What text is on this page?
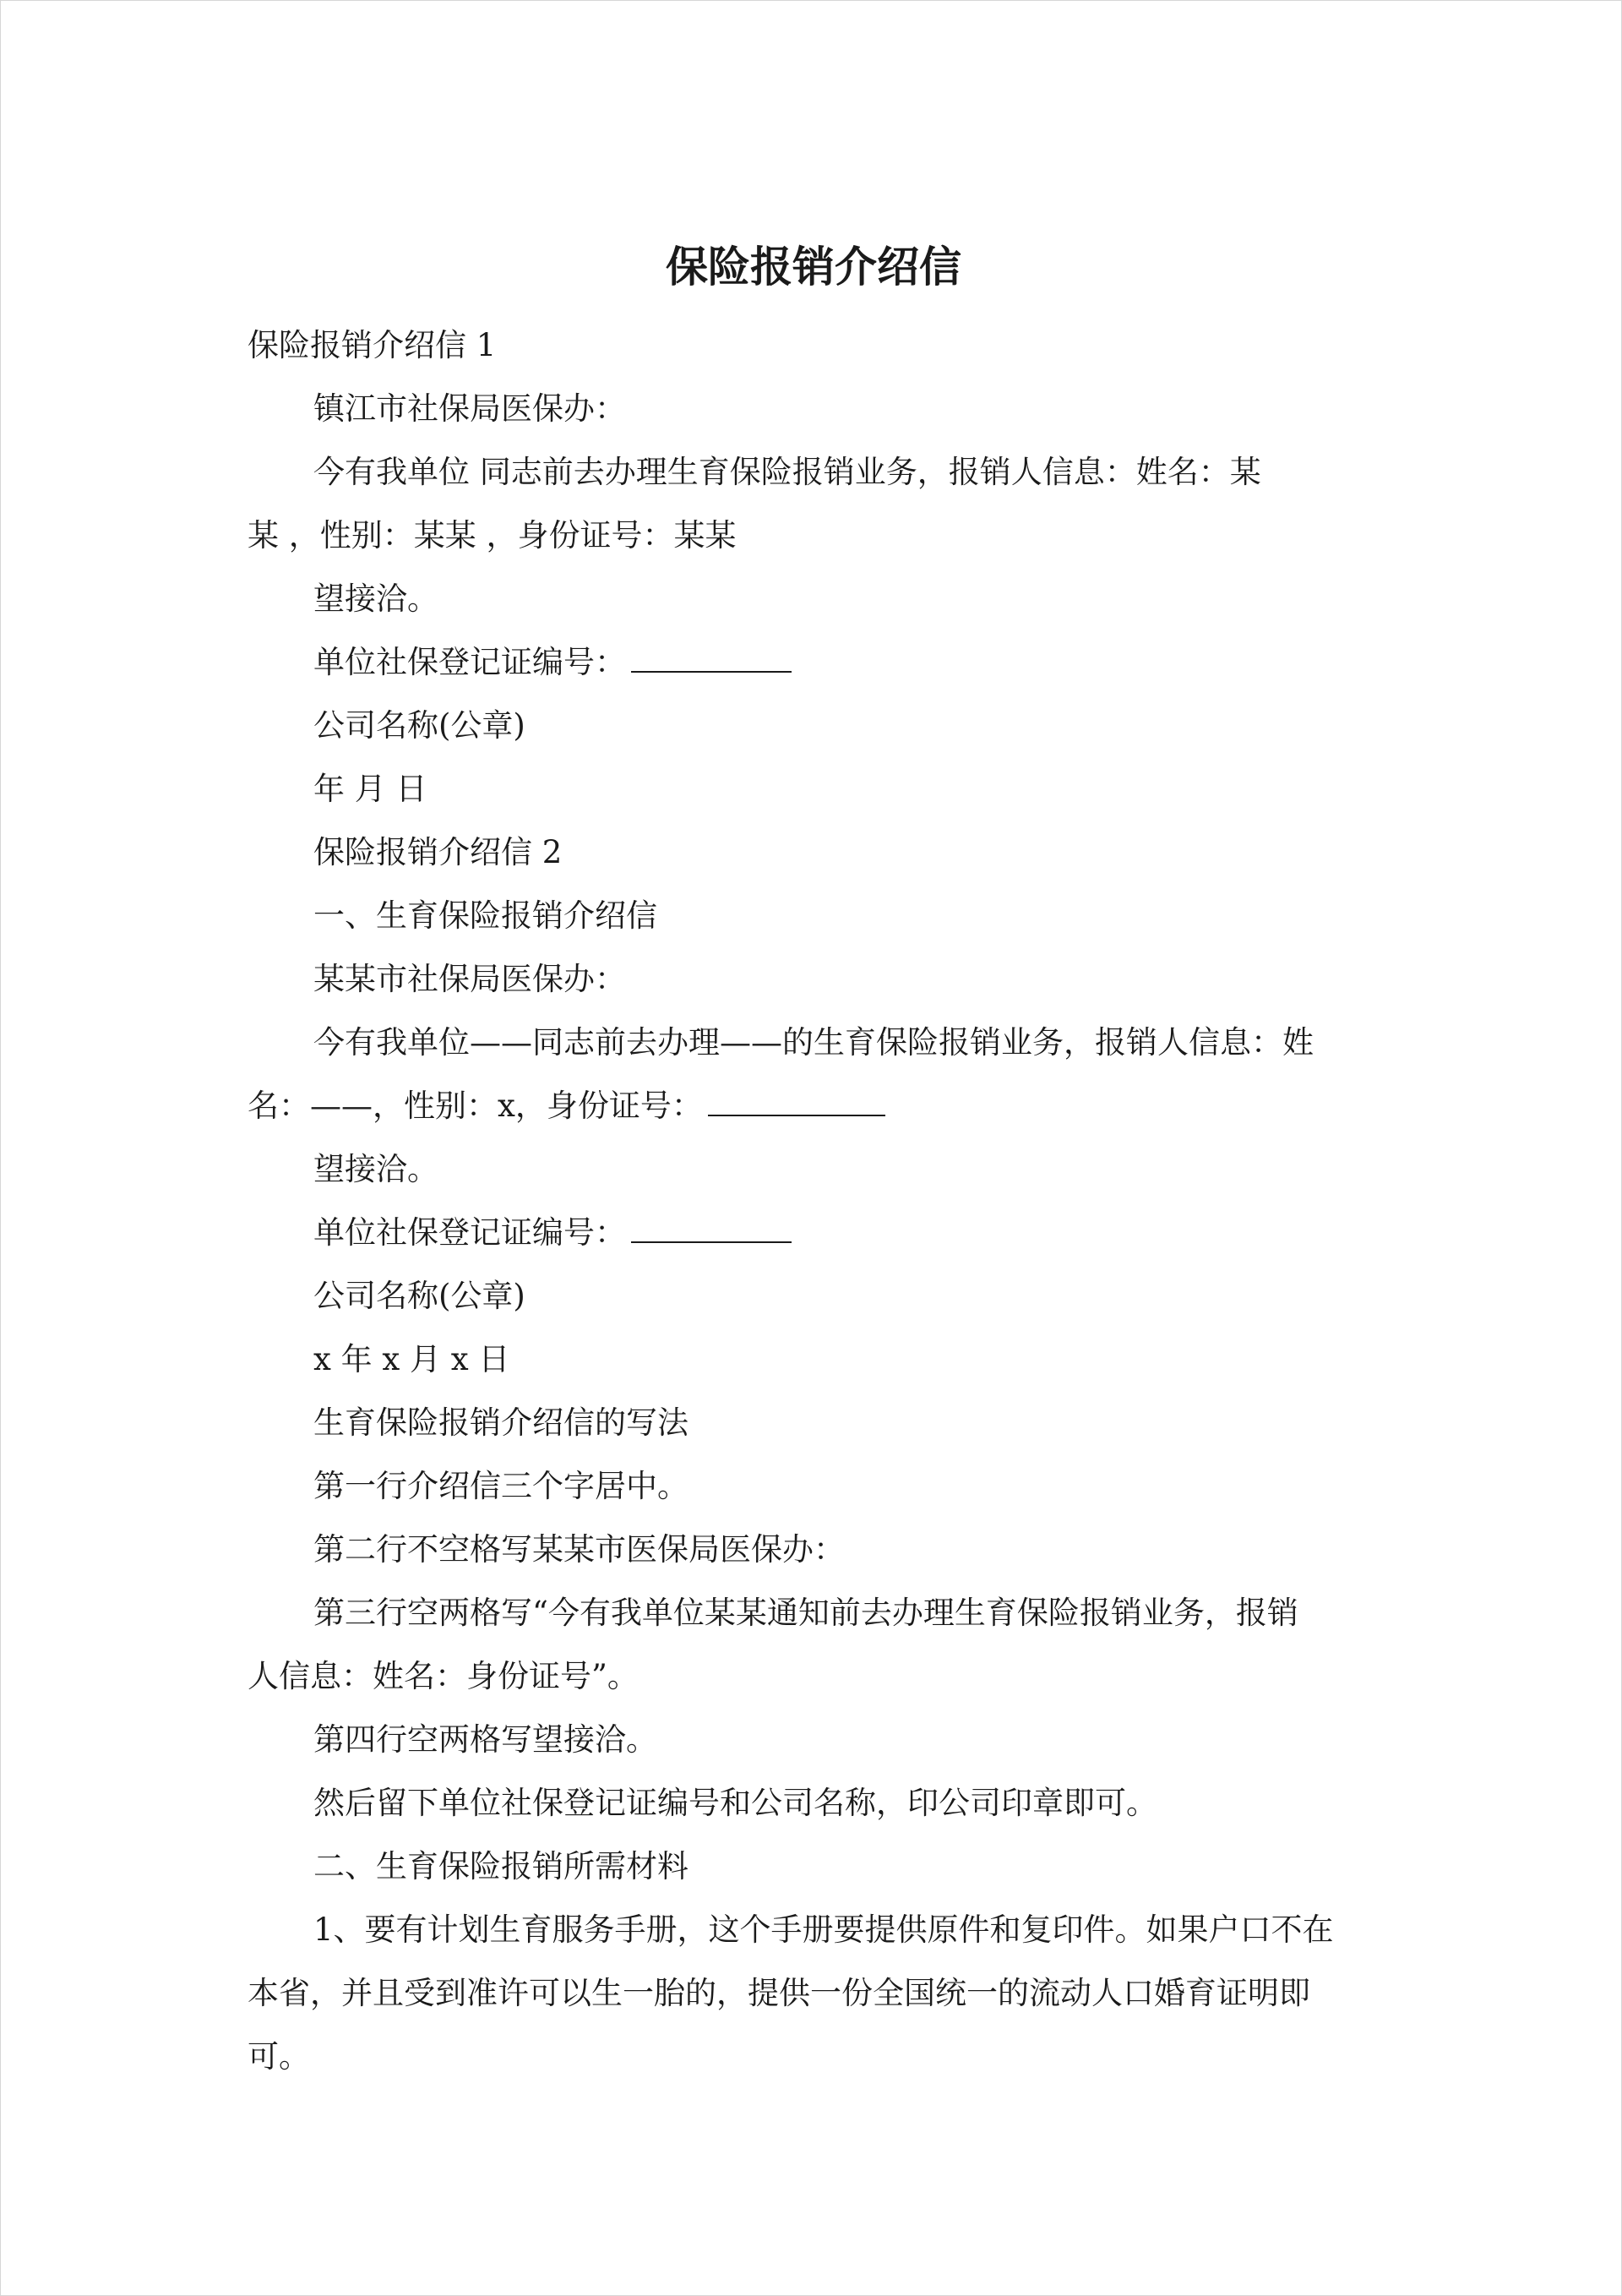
保险报销介绍信

保险报销介绍信 1

镇江市社保局医保办：

今有我单位 同志前去办理生育保险报销业务，报销人信息：姓名：某

某 ，性别：某某 ，身份证号：某某

望接洽。

单位社保登记证编号：

公司名称(公章)

年 月 日

保险报销介绍信 2

一、生育保险报销介绍信

某某市社保局医保办：

今有我单位——同志前去办理——的生育保险报销业务，报销人信息：姓

名：——，性别：x，身份证号：

望接洽。

单位社保登记证编号：

公司名称(公章)

x 年 x 月 x 日

生育保险报销介绍信的写法

第一行介绍信三个字居中。

第二行不空格写某某市医保局医保办：

第三行空两格写“今有我单位某某通知前去办理生育保险报销业务，报销

人信息：姓名：身份证号”。

第四行空两格写望接洽。

然后留下单位社保登记证编号和公司名称，印公司印章即可。

二、生育保险报销所需材料

1、要有计划生育服务手册，这个手册要提供原件和复印件。如果户口不在

本省，并且受到准许可以生一胎的，提供一份全国统一的流动人口婚育证明即

可。
